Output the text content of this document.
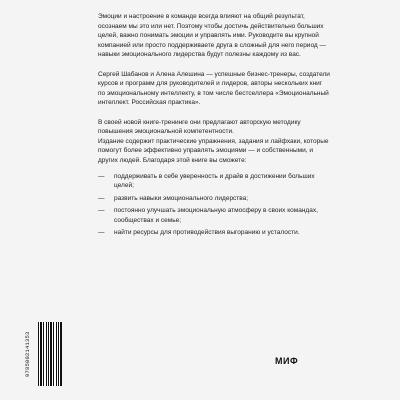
Эмоции и настроение в команде всегда влияют на общий результат, осознаем мы это или нет. Поэтому чтобы достичь действительно больших целей, важно понимать эмоции и управлять ими. Руководите вы крупной компанией или просто поддерживаете друга в сложный для него период — навыки эмоционального лидерства будут полезны каждому из вас.

Сергей Шабанов и Алена Алешина — успешные бизнес-тренеры, создатели курсов и программ для руководителей и лидеров, авторы нескольких книг по эмоциональному интеллекту, в том числе бестселлера «Эмоциональный интеллект. Российская практика».

В своей новой книге-тренинге они предлагают авторскую методику повышения эмоциональной компетентности.

Издание содержит практические упражнения, задания и лайфхаки, которые помогут более эффективно управлять эмоциями — и собственными, и других людей. Благодаря этой книге вы сможете:

— поддерживать в себе уверенность и драйв в достижении больших целей;
— развить навыки эмоционального лидерства;
— постоянно улучшать эмоциональную атмосферу в своих командах, сообществах и семье;
— найти ресурсы для противодействия выгоранию и усталости.
9785002141353	МИФ
